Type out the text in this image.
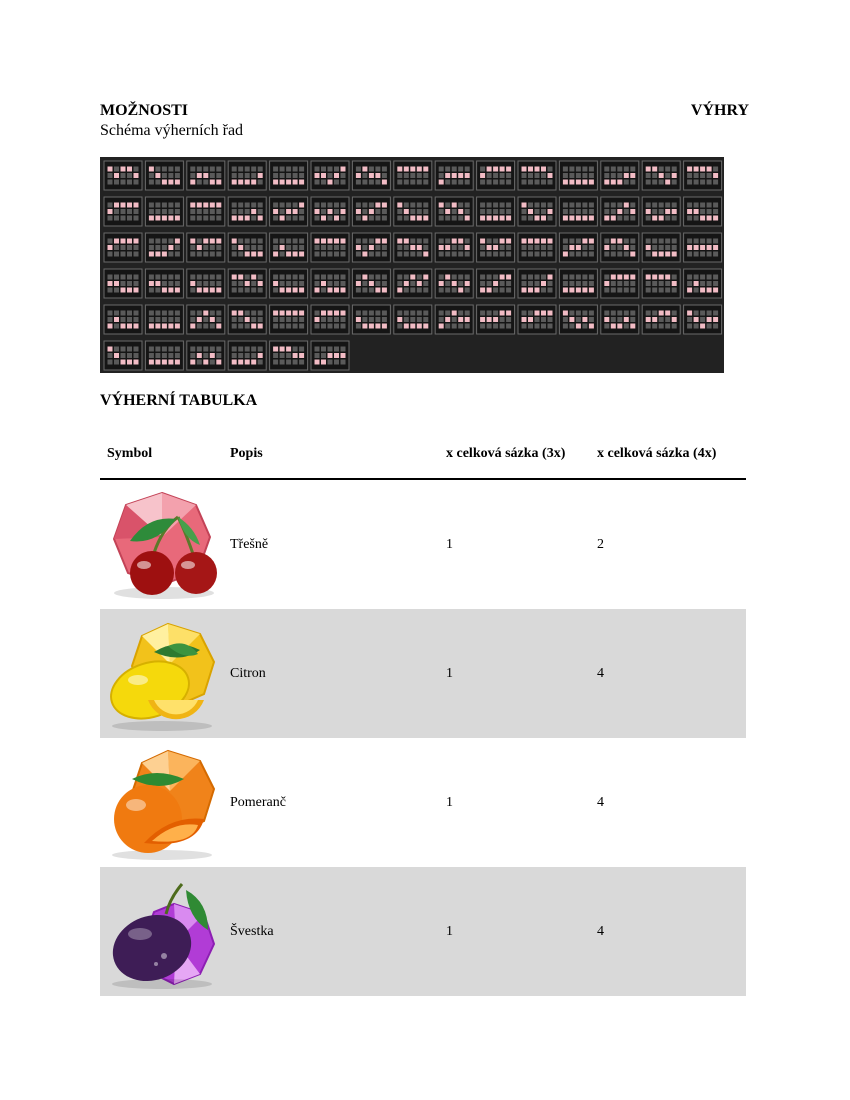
MOŽNOSTI
Schéma výherních řad
VÝHRY
VÝHERNÍ TABULKA
Symbol	Popis	x celková sázka (3x)	x celková sázka (4x)

	Třešně	1	2

	Citron	1	4

	Pomeranč	1	4

	Švestka	1	4
